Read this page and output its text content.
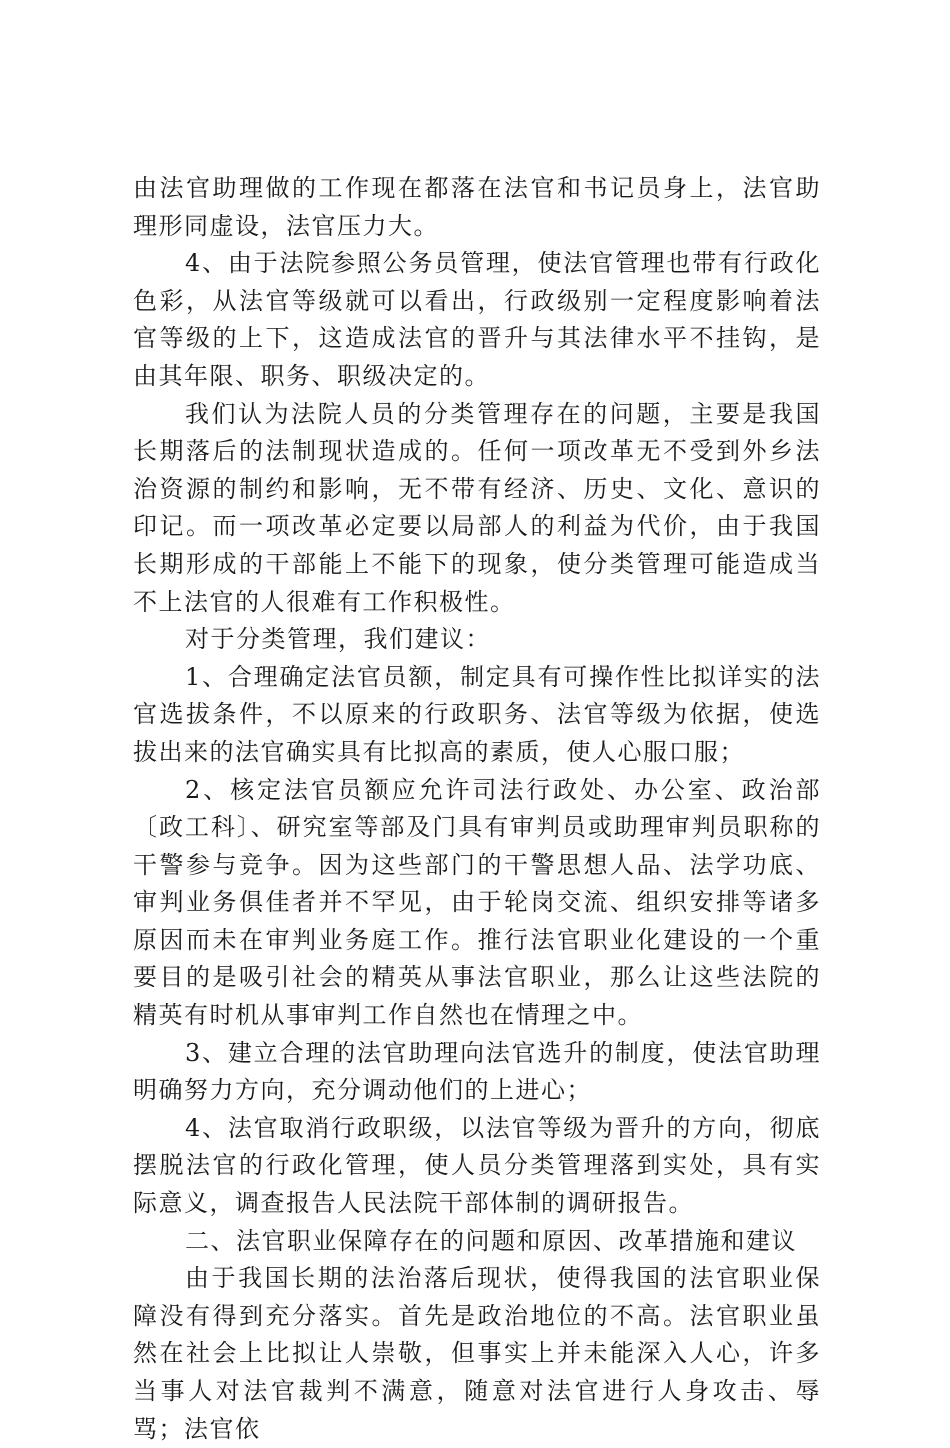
由法官助理做的工作现在都落在法官和书记员身上，法官助理形同虚设，法官压力大。

4、由于法院参照公务员管理，使法官管理也带有行政化色彩，从法官等级就可以看出，行政级别一定程度影响着法官等级的上下，这造成法官的晋升与其法律水平不挂钩，是由其年限、职务、职级决定的。

我们认为法院人员的分类管理存在的问题，主要是我国长期落后的法制现状造成的。任何一项改革无不受到外乡法治资源的制约和影响，无不带有经济、历史、文化、意识的印记。而一项改革必定要以局部人的利益为代价，由于我国长期形成的干部能上不能下的现象，使分类管理可能造成当不上法官的人很难有工作积极性。

对于分类管理，我们建议：

1、合理确定法官员额，制定具有可操作性比拟详实的法官选拔条件，不以原来的行政职务、法官等级为依据，使选拔出来的法官确实具有比拟高的素质，使人心服口服；

2、核定法官员额应允许司法行政处、办公室、政治部〔政工科〕、研究室等部及门具有审判员或助理审判员职称的干警参与竞争。因为这些部门的干警思想人品、法学功底、审判业务俱佳者并不罕见，由于轮岗交流、组织安排等诸多原因而未在审判业务庭工作。推行法官职业化建设的一个重要目的是吸引社会的精英从事法官职业，那么让这些法院的精英有时机从事审判工作自然也在情理之中。

3、建立合理的法官助理向法官选升的制度，使法官助理明确努力方向，充分调动他们的上进心；

4、法官取消行政职级，以法官等级为晋升的方向，彻底摆脱法官的行政化管理，使人员分类管理落到实处，具有实际意义，调查报告人民法院干部体制的调研报告。

二、法官职业保障存在的问题和原因、改革措施和建议

由于我国长期的法治落后现状，使得我国的法官职业保障没有得到充分落实。首先是政治地位的不高。法官职业虽然在社会上比拟让人崇敬，但事实上并未能深入人心，许多当事人对法官裁判不满意，随意对法官进行人身攻击、辱骂；法官依
